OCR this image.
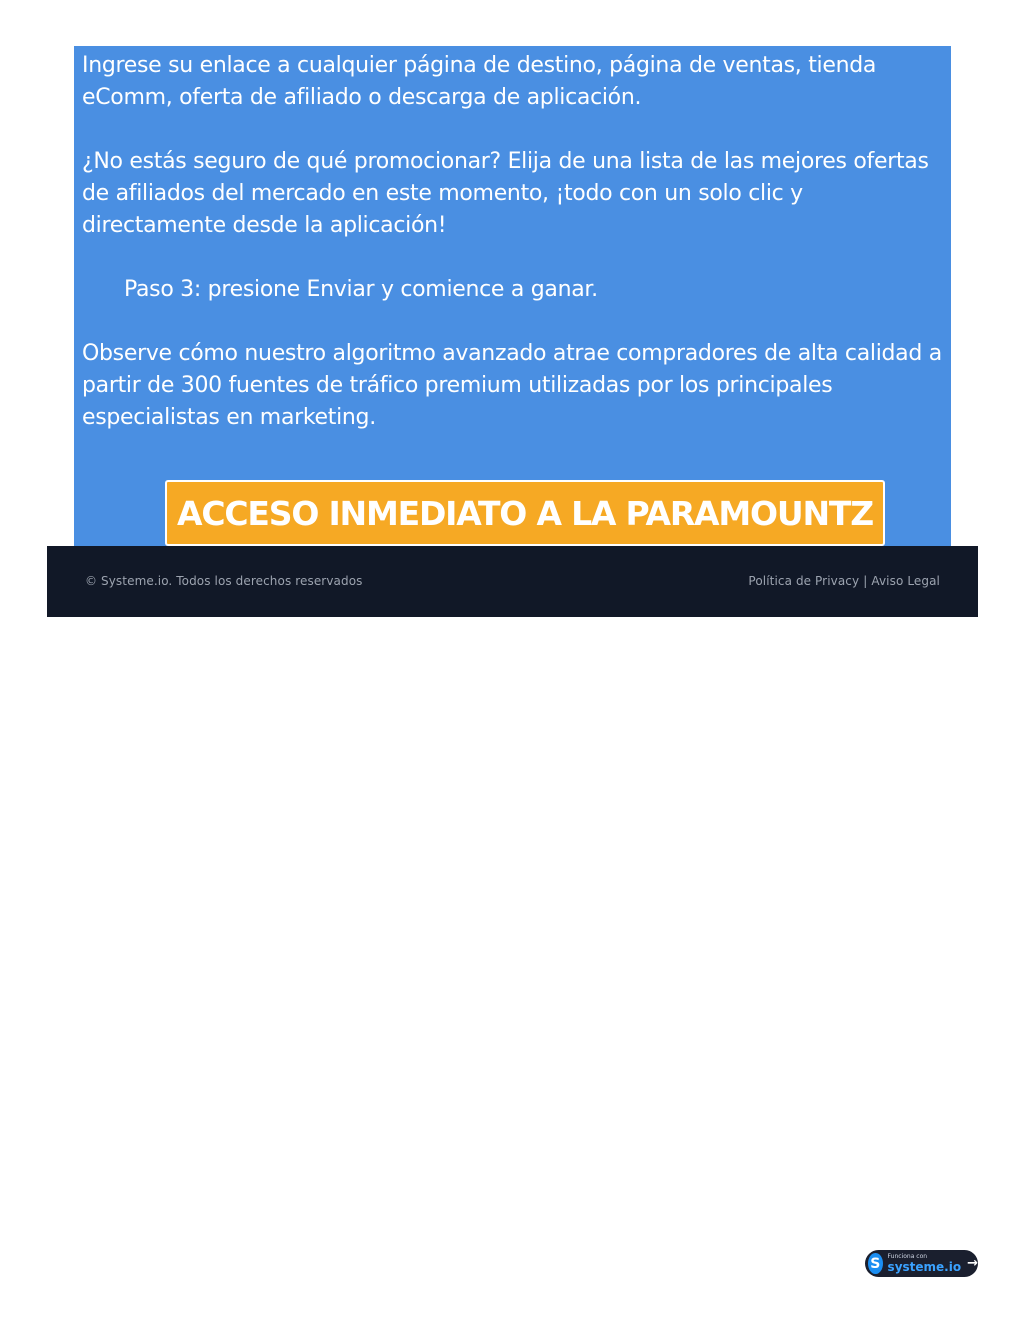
Ingrese su enlace a cualquier página de destino, página de ventas, tienda eComm, oferta de afiliado o descarga de aplicación.

¿No estás seguro de qué promocionar? Elija de una lista de las mejores ofertas de afiliados del mercado en este momento, ¡todo con un solo clic y directamente desde la aplicación!

Paso 3: presione Enviar y comience a ganar.

Observe cómo nuestro algoritmo avanzado atrae compradores de alta calidad a partir de 300 fuentes de tráfico premium utilizadas por los principales especialistas en marketing.

ACCESO INMEDIATO A LA PARAMOUNTZ
© Systeme.io. Todos los derechos reservados	Política de Privacy | Aviso Legal
S	Funciona con
systeme.io →
